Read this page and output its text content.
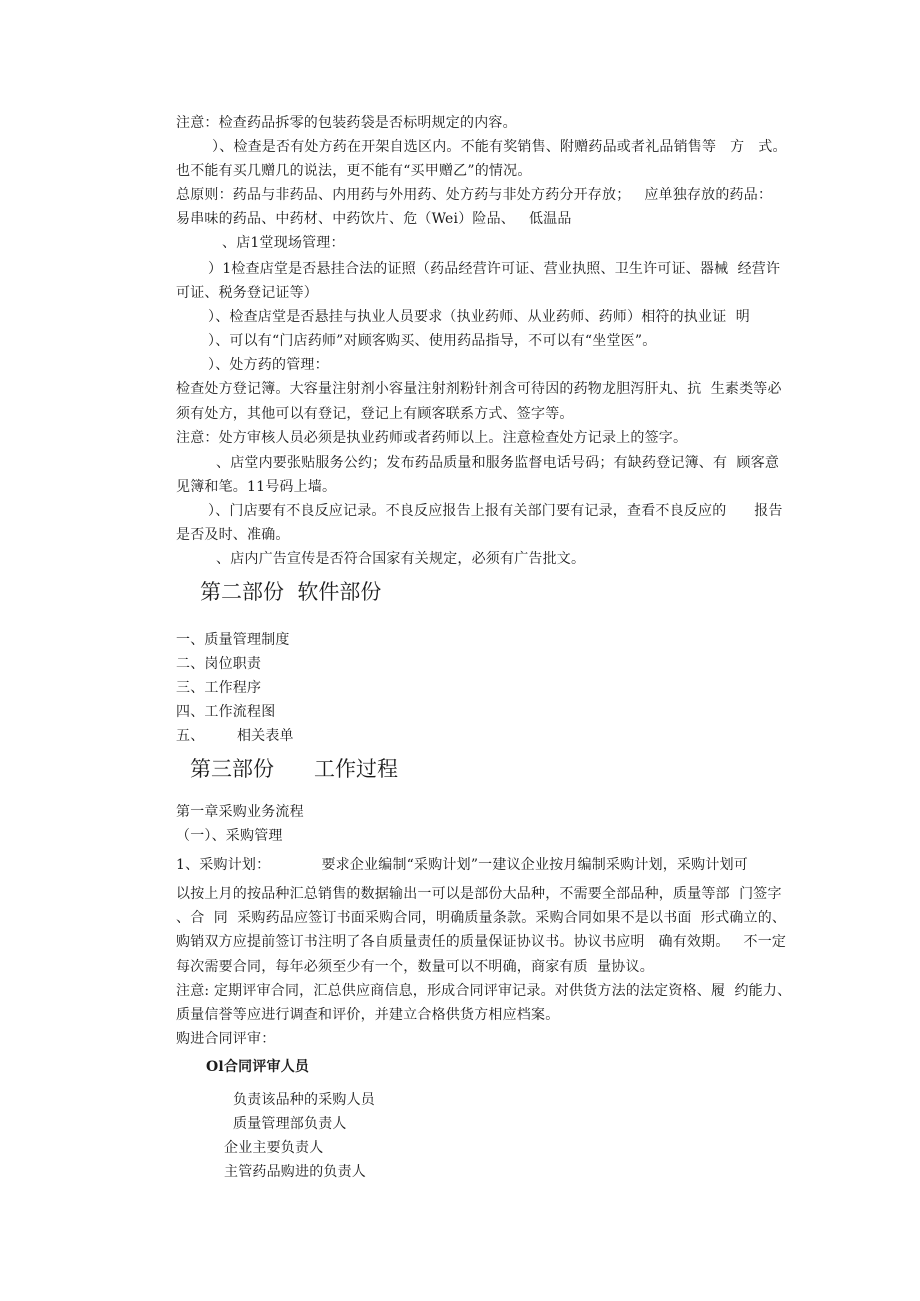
注意：检查药品拆零的包装药袋是否标明规定的内容。
）、检查是否有处方药在开架自选区内。不能有奖销售、附赠药品或者礼品销售等   方   式。
也不能有买几赠几的说法，更不能有“买甲赠乙”的情况。
总原则：药品与非药品、内用药与外用药、处方药与非处方药分开存放；   应单独存放的药品：
易串味的药品、中药材、中药饮片、危（Wei）险品、   低温品
、店1堂现场管理：
）1检查店堂是否悬挂合法的证照（药品经营许可证、营业执照、卫生许可证、器械  经营许
可证、税务登记证等）
）、检查店堂是否悬挂与执业人员要求（执业药师、从业药师、药师）相符的执业证  明
）、可以有“门店药师”对顾客购买、使用药品指导，不可以有“坐堂医”。
）、处方药的管理：
检查处方登记簿。大容量注射剂小容量注射剂粉针剂含可待因的药物龙胆泻肝丸、抗  生素类等必
须有处方，其他可以有登记，登记上有顾客联系方式、签字等。
注意：处方审核人员必须是执业药师或者药师以上。注意检查处方记录上的签字。
、店堂内要张贴服务公约；发布药品质量和服务监督电话号码；有缺药登记簿、有  顾客意
见簿和笔。11号码上墙。
）、门店要有不良反应记录。不良反应报告上报有关部门要有记录，查看不良反应的      报告
是否及时、准确。
、店内广告宣传是否符合国家有关规定，必须有广告批文。
第二部份  软件部份
一、质量管理制度
二、岗位职责
三、工作程序
四、工作流程图
五、       相关表单
第三部份      工作过程
第一章采购业务流程
（一）、采购管理
1、采购计划：           要求企业编制“采购计划”一建议企业按月编制采购计划，采购计划可
以按上月的按品种汇总销售的数据输出一可以是部份大品种，不需要全部品种，质量等部  门签字
、合  同  采购药品应签订书面采购合同，明确质量条款。采购合同如果不是以书面  形式确立的、
购销双方应提前签订书注明了各自质量责任的质量保证协议书。协议书应明   确有效期。   不一定
每次需要合同，每年必须至少有一个，数量可以不明确，商家有质  量协议。
注意: 定期评审合同，汇总供应商信息，形成合同评审记录。对供货方法的法定资格、履  约能力、
质量信誉等应进行调查和评价，并建立合格供货方相应档案。
购进合同评审：
Ol合同评审人员
负责该品种的采购人员
质量管理部负责人
企业主要负责人
主管药品购进的负责人
